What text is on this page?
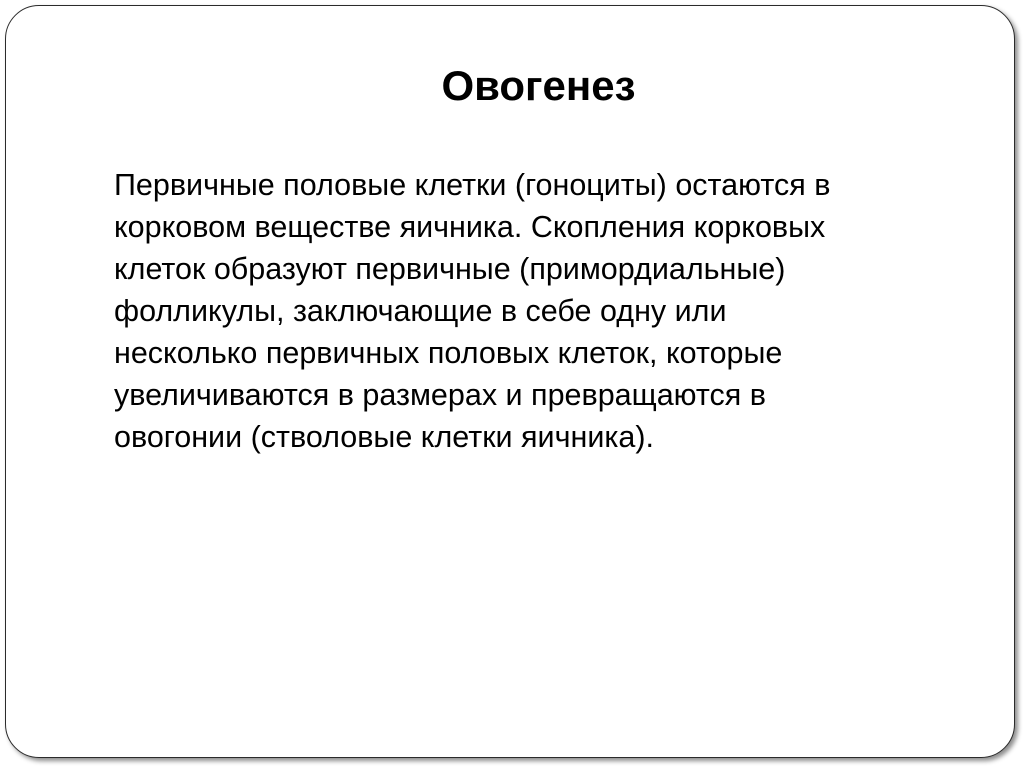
Овогенез

Первичные половые клетки (гоноциты) остаются в
корковом веществе яичника. Скопления корковых
клеток образуют первичные (примордиальные)
фолликулы, заключающие в себе одну или
несколько первичных половых клеток, которые
увеличиваются в размерах и превращаются в
овогонии (стволовые клетки яичника).
